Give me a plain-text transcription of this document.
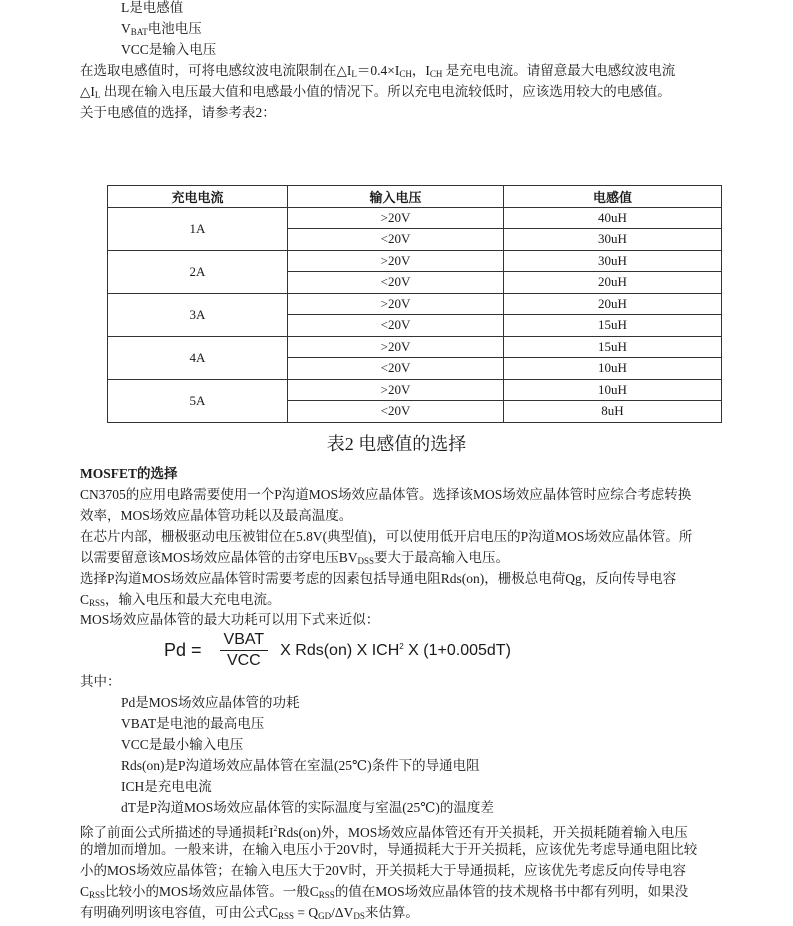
L是电感值
$V_{BAT}$电池电压
VCC是输入电压
在选取电感值时，可将电感纹波电流限制在$\triangle I_L=0.4\times I_{CH}$，$I_{CH}$ 是充电电流。请留意最大电感纹波电流
$\triangle I_L$ 出现在输入电压最大值和电感最小值的情况下。所以充电电流较低时，应该选用较大的电感值。
关于电感值的选择，请参考表2：
充电电流	输入电压	电感值
1A	>20V	40uH
	<20V	30uH
2A	>20V	30uH
	<20V	20uH
3A	>20V	20uH
	<20V	15uH
4A	>20V	15uH
	<20V	10uH
5A	>20V	10uH
	<20V	8uH
表2 电感值的选择
MOSFET的选择
CN3705的应用电路需要使用一个P沟道MOS场效应晶体管。选择该MOS场效应晶体管时应综合考虑转换
效率，MOS场效应晶体管功耗以及最高温度。
在芯片内部，栅极驱动电压被钳位在5.8V(典型值)，可以使用低开启电压的P沟道MOS场效应晶体管。所
以需要留意该MOS场效应晶体管的击穿电压$BV_{DSS}$要大于最高输入电压。
选择P沟道MOS场效应晶体管时需要考虑的因素包括导通电阻Rds(on)，栅极总电荷Qg，反向传导电容
$C_{RSS}$，输入电压和最大充电电流。
MOS场效应晶体管的最大功耗可以用下式来近似：
$Pd = \frac{\text{VBAT}}{\text{VCC}}$ X Rds(on) X ICH$^2$ X (1+0.005dT)
其中：
Pd是MOS场效应晶体管的功耗
VBAT是电池的最高电压
VCC是最小输入电压
Rds(on)是P沟道场效应晶体管在室温(25℃)条件下的导通电阻
ICH是充电电流
dT是P沟道MOS场效应晶体管的实际温度与室温(25℃)的温度差
除了前面公式所描述的导通损耗$I^2Rds(on)$外，MOS场效应晶体管还有开关损耗，开关损耗随着输入电压
的增加而增加。一般来讲，在输入电压小于20V时，导通损耗大于开关损耗，应该优先考虑导通电阻比较
小的MOS场效应晶体管；在输入电压大于20V时，开关损耗大于导通损耗，应该优先考虑反向传导电容
$C_{RSS}$比较小的MOS场效应晶体管。一般$C_{RSS}$的值在MOS场效应晶体管的技术规格书中都有列明，如果没
有明确列明该电容值，可由公式$C_{RSS} = Q_{GD}/\Delta V_{DS}$来估算。
